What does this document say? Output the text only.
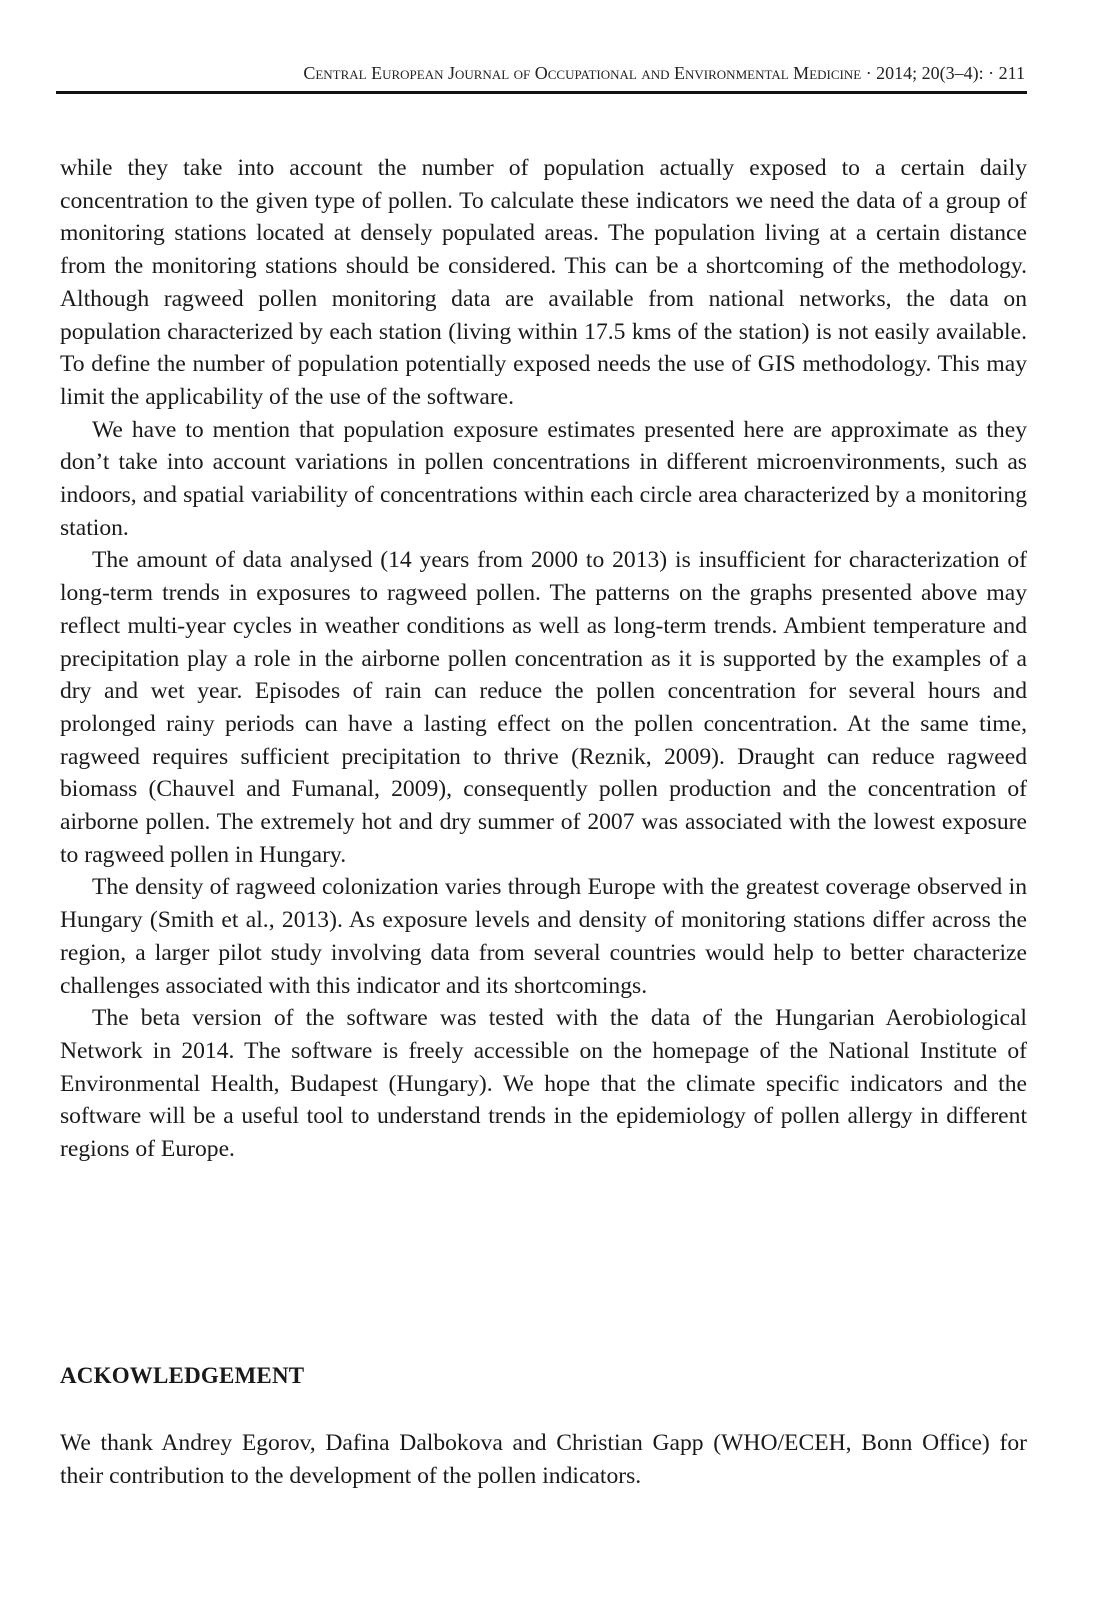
Central European Journal of Occupational and Environmental Medicine · 2014; 20(3–4): · 211

while they take into account the number of population actually exposed to a certain daily concentration to the given type of pollen. To calculate these indicators we need the data of a group of monitoring stations located at densely populated areas. The population living at a certain distance from the monitoring stations should be considered. This can be a shortcoming of the methodology. Although ragweed pollen monitoring data are available from national networks, the data on population characterized by each station (living within 17.5 kms of the station) is not easily available. To define the number of population potentially exposed needs the use of GIS methodology. This may limit the applicability of the use of the software.

We have to mention that population exposure estimates presented here are approximate as they don’t take into account variations in pollen concentrations in different microenvironments, such as indoors, and spatial variability of concentrations within each circle area characterized by a monitoring station.

The amount of data analysed (14 years from 2000 to 2013) is insufficient for characterization of long-term trends in exposures to ragweed pollen. The patterns on the graphs presented above may reflect multi-year cycles in weather conditions as well as long-term trends. Ambient temperature and precipitation play a role in the airborne pollen concentration as it is supported by the examples of a dry and wet year. Episodes of rain can reduce the pollen concentration for several hours and prolonged rainy periods can have a lasting effect on the pollen concentration. At the same time, ragweed requires sufficient precipitation to thrive (Reznik, 2009). Draught can reduce ragweed biomass (Chauvel and Fumanal, 2009), consequently pollen production and the concentration of airborne pollen. The extremely hot and dry summer of 2007 was associated with the lowest exposure to ragweed pollen in Hungary.

The density of ragweed colonization varies through Europe with the greatest coverage observed in Hungary (Smith et al., 2013). As exposure levels and density of monitoring stations differ across the region, a larger pilot study involving data from several countries would help to better characterize challenges associated with this indicator and its shortcomings.

The beta version of the software was tested with the data of the Hungarian Aerobiological Network in 2014. The software is freely accessible on the homepage of the National Institute of Environmental Health, Budapest (Hungary). We hope that the climate specific indicators and the software will be a useful tool to understand trends in the epidemiology of pollen allergy in different regions of Europe.

ACKOWLEDGEMENT

We thank Andrey Egorov, Dafina Dalbokova and Christian Gapp (WHO/ECEH, Bonn Office) for their contribution to the development of the pollen indicators.
